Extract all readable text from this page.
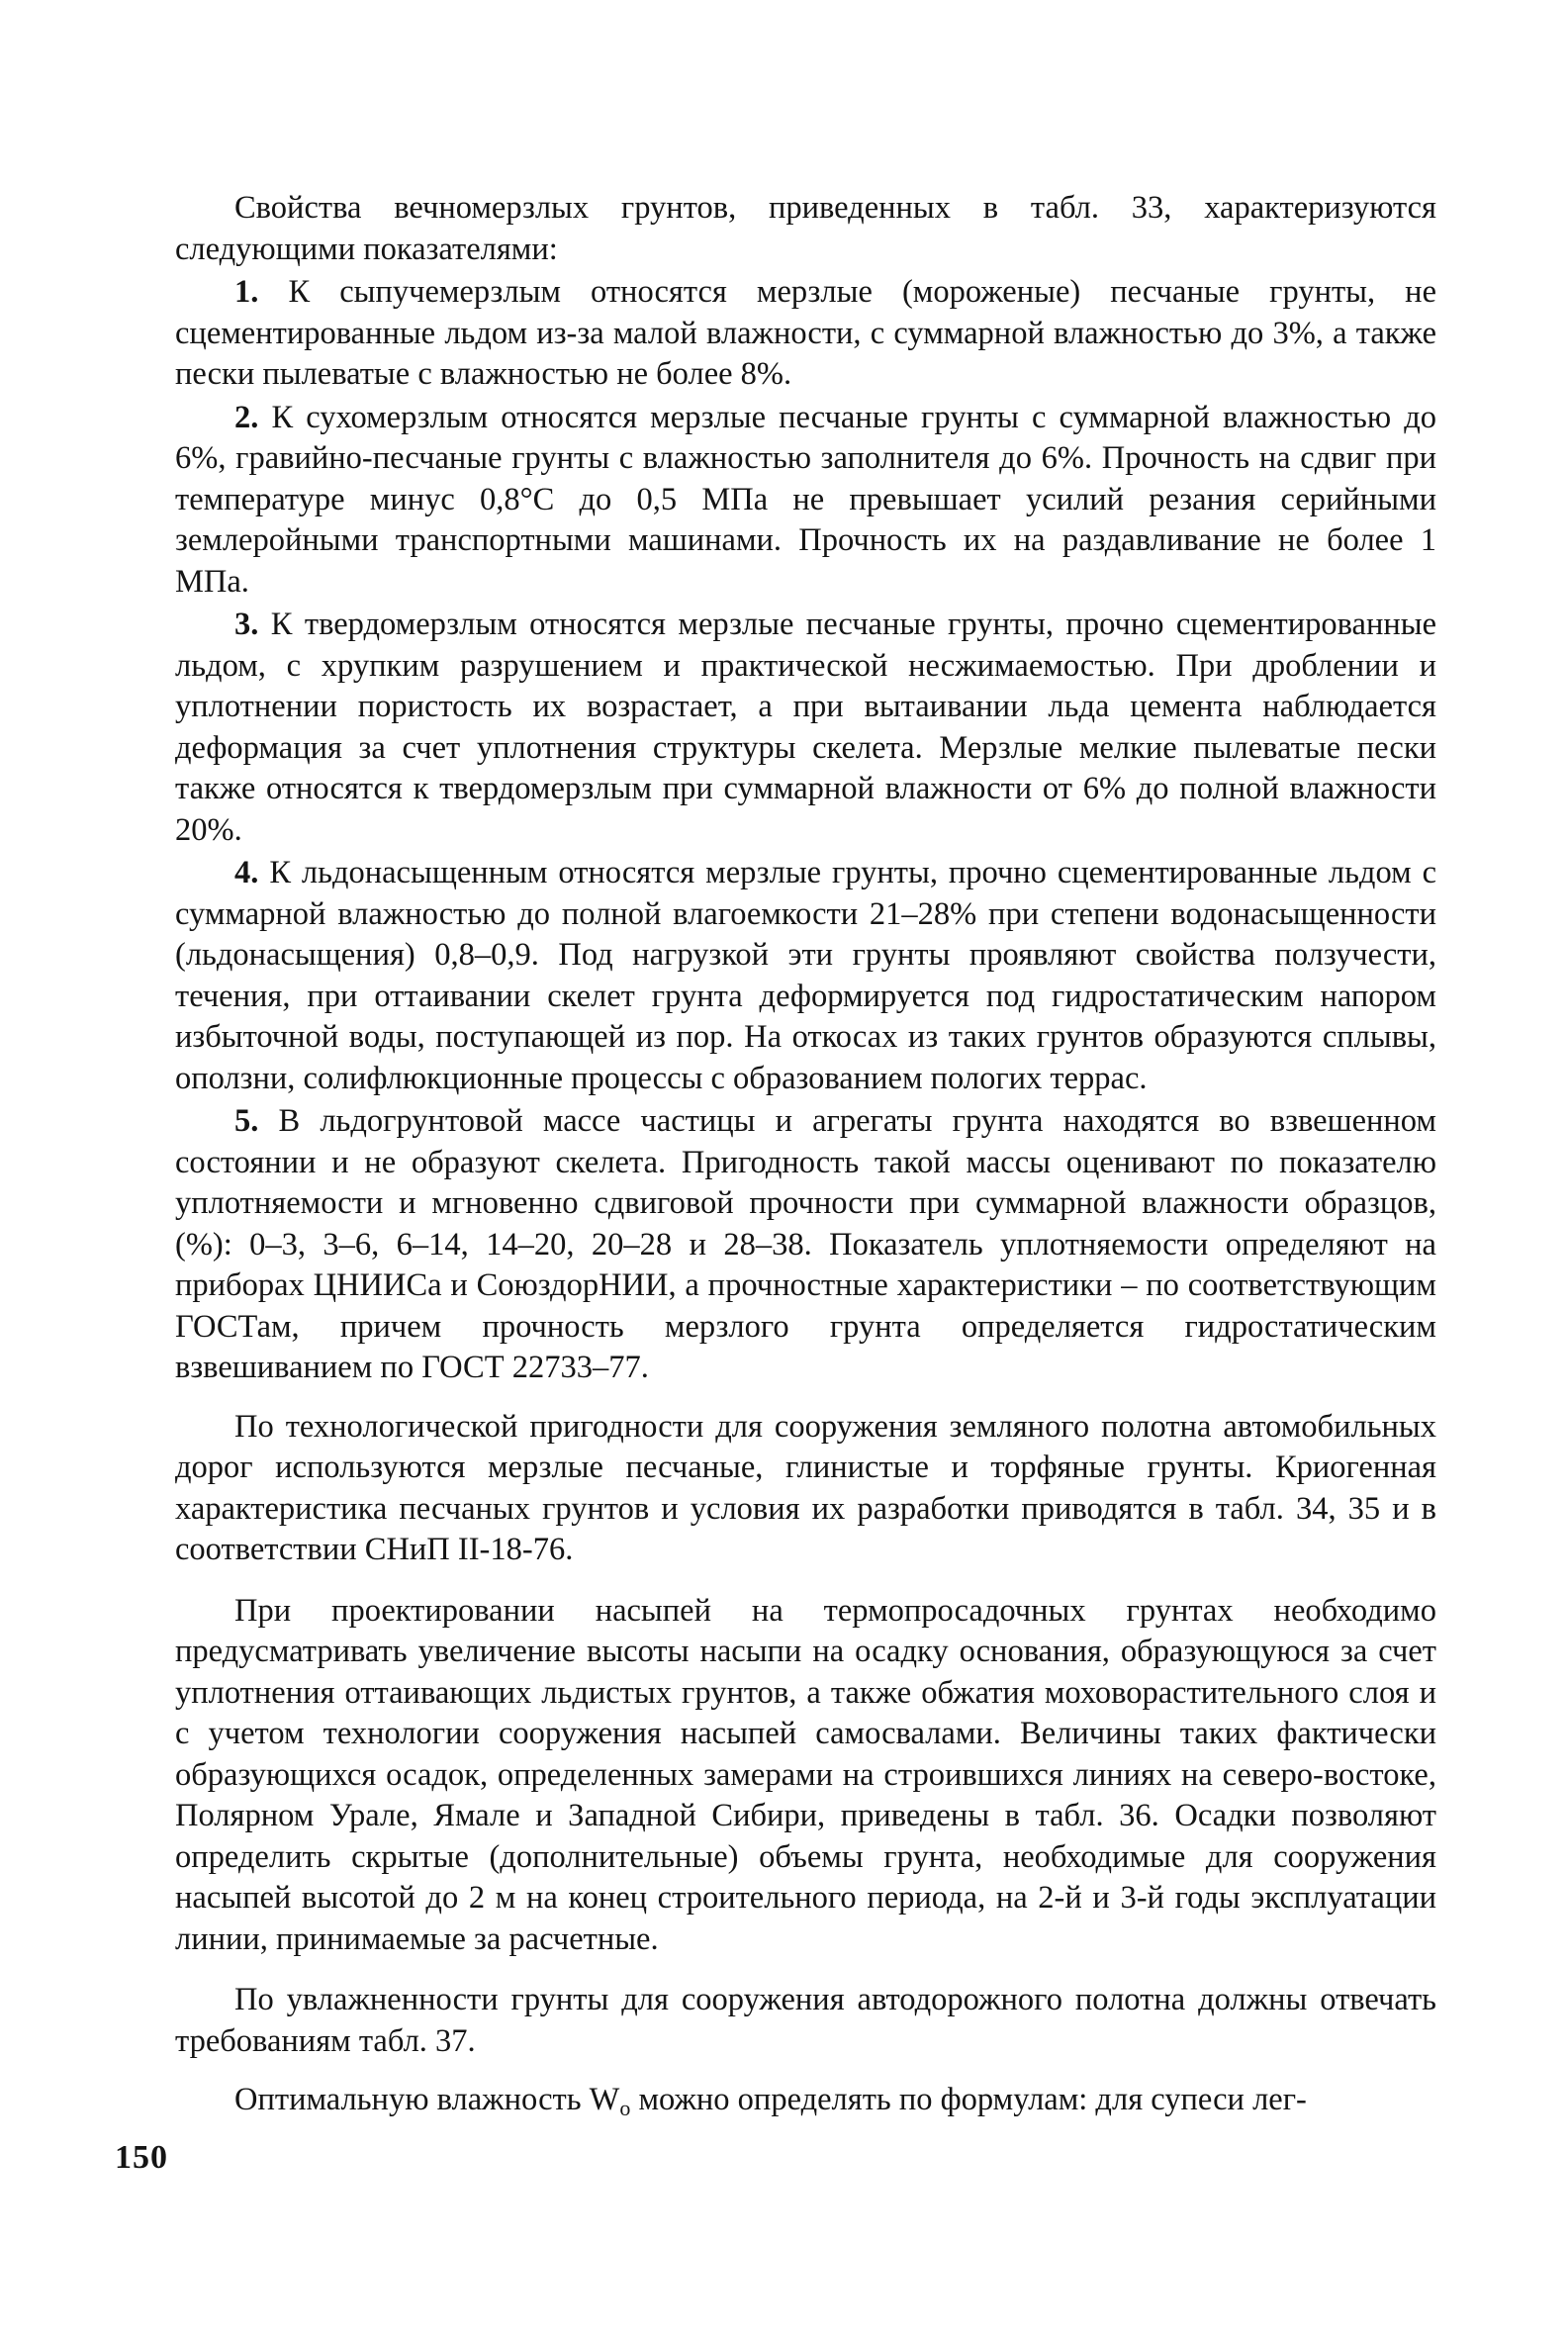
Свойства вечномерзлых грунтов, приведенных в табл. 33, характеризуются следующими показателями:

1. К сыпучемерзлым относятся мерзлые (мороженые) песчаные грунты, не сцементированные льдом из-за малой влажности, с суммарной влажностью до 3%, а также пески пылеватые с влажностью не более 8%.

2. К сухомерзлым относятся мерзлые песчаные грунты с суммарной влажностью до 6%, гравийно-песчаные грунты с влажностью заполнителя до 6%. Прочность на сдвиг при температуре минус 0,8°С до 0,5 МПа не превышает усилий резания серийными землеройными транспортными машинами. Прочность их на раздавливание не более 1 МПа.

3. К твердомерзлым относятся мерзлые песчаные грунты, прочно сцементированные льдом, с хрупким разрушением и практической несжимаемостью. При дроблении и уплотнении пористость их возрастает, а при вытаивании льда цемента наблюдается деформация за счет уплотнения структуры скелета. Мерзлые мелкие пылеватые пески также относятся к твердомерзлым при суммарной влажности от 6% до полной влажности 20%.

4. К льдонасыщенным относятся мерзлые грунты, прочно сцементированные льдом с суммарной влажностью до полной влагоемкости 21–28% при степени водонасыщенности (льдонасыщения) 0,8–0,9. Под нагрузкой эти грунты проявляют свойства ползучести, течения, при оттаивании скелет грунта деформируется под гидростатическим напором избыточной воды, поступающей из пор. На откосах из таких грунтов образуются сплывы, оползни, солифлюкционные процессы с образованием пологих террас.

5. В льдогрунтовой массе частицы и агрегаты грунта находятся во взвешенном состоянии и не образуют скелета. Пригодность такой массы оценивают по показателю уплотняемости и мгновенно сдвиговой прочности при суммарной влажности образцов, (%): 0–3, 3–6, 6–14, 14–20, 20–28 и 28–38. Показатель уплотняемости определяют на приборах ЦНИИСа и СоюздорНИИ, а прочностные характеристики – по соответствующим ГОСТам, причем прочность мерзлого грунта определяется гидростатическим взвешиванием по ГОСТ 22733–77.

По технологической пригодности для сооружения земляного полотна автомобильных дорог используются мерзлые песчаные, глинистые и торфяные грунты. Криогенная характеристика песчаных грунтов и условия их разработки приводятся в табл. 34, 35 и в соответствии СНиП II-18-76.

При проектировании насыпей на термопросадочных грунтах необходимо предусматривать увеличение высоты насыпи на осадку основания, образующуюся за счет уплотнения оттаивающих льдистых грунтов, а также обжатия моховорастительного слоя и с учетом технологии сооружения насыпей самосвалами. Величины таких фактически образующихся осадок, определенных замерами на строившихся линиях на северо-востоке, Полярном Урале, Ямале и Западной Сибири, приведены в табл. 36. Осадки позволяют определить скрытые (дополнительные) объемы грунта, необходимые для сооружения насыпей высотой до 2 м на конец строительного периода, на 2-й и 3-й годы эксплуатации линии, принимаемые за расчетные.

По увлажненности грунты для сооружения автодорожного полотна должны отвечать требованиям табл. 37.

Оптимальную влажность $W_о$ можно определять по формулам: для супеси лег-

150
